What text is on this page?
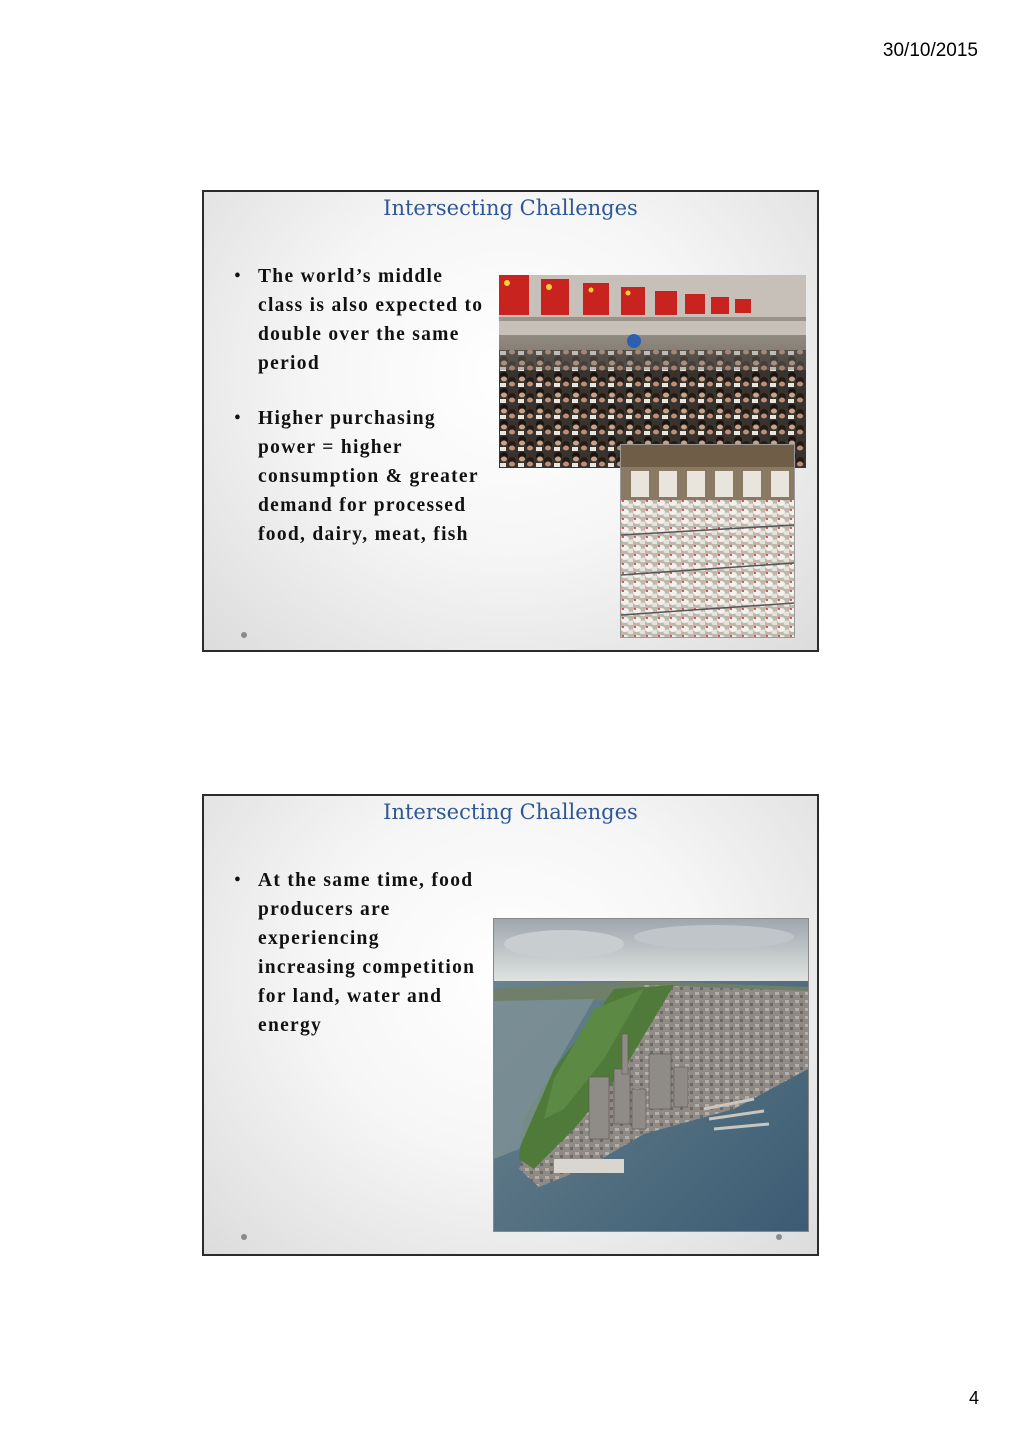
30/10/2015
Intersecting Challenges
• The world’s middle class is also expected to double over the same period
• Higher purchasing power = higher consumption & greater demand for processed food, dairy, meat, fish
Intersecting Challenges
• At the same time, food producers are experiencing increasing competition for land, water and energy
4
